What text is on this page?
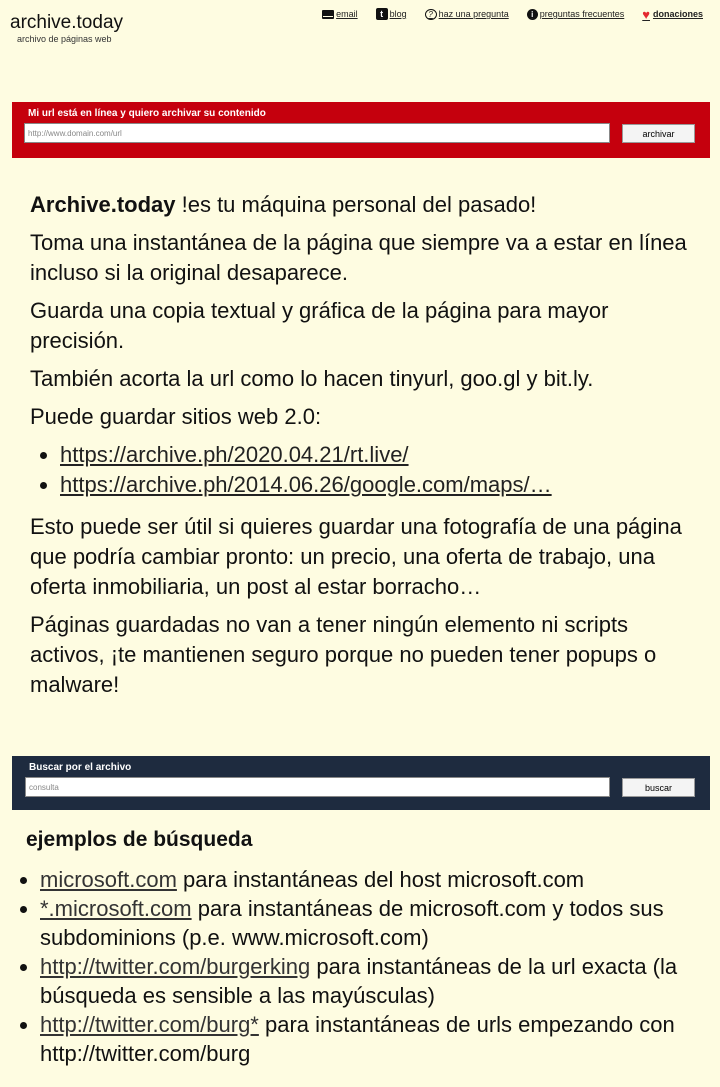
archive.today
archivo de páginas web
email	t blog	? haz una pregunta	i preguntas frecuentes ♥ donaciones
Mi url está en línea y quiero archivar su contenido
http://www.domain.com/url
archivar

Archive.today !es tu máquina personal del pasado!

Toma una instantánea de la página que siempre va a estar en línea incluso si la original desaparece.

Guarda una copia textual y gráfica de la página para mayor precisión.

También acorta la url como lo hacen tinyurl, goo.gl y bit.ly.

Puede guardar sitios web 2.0:

• https://archive.ph/2020.04.21/rt.live/
• https://archive.ph/2014.06.26/google.com/maps/…

Esto puede ser útil si quieres guardar una fotografía de una página que podría cambiar pronto: un precio, una oferta de trabajo, una oferta inmobiliaria, un post al estar borracho…

Páginas guardadas no van a tener ningún elemento ni scripts activos, ¡te mantienen seguro porque no pueden tener popups o malware!

Buscar por el archivo
consulta
buscar
ejemplos de búsqueda
• microsoft.com para instantáneas del host microsoft.com
• *.microsoft.com para instantáneas de microsoft.com y todos sus subdominions (p.e. www.microsoft.com)
• http://twitter.com/burgerking para instantáneas de la url exacta (la búsqueda es sensible a las mayúsculas)
• http://twitter.com/burg* para instantáneas de urls empezando con http://twitter.com/burg
